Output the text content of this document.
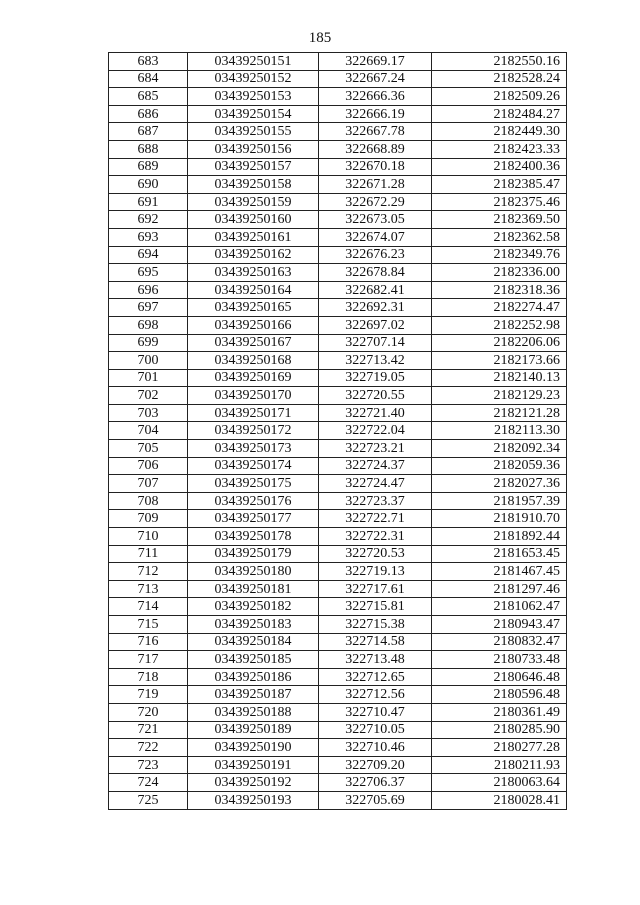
185
683	03439250151	322669.17	2182550.16
684	03439250152	322667.24	2182528.24
685	03439250153	322666.36	2182509.26
686	03439250154	322666.19	2182484.27
687	03439250155	322667.78	2182449.30
688	03439250156	322668.89	2182423.33
689	03439250157	322670.18	2182400.36
690	03439250158	322671.28	2182385.47
691	03439250159	322672.29	2182375.46
692	03439250160	322673.05	2182369.50
693	03439250161	322674.07	2182362.58
694	03439250162	322676.23	2182349.76
695	03439250163	322678.84	2182336.00
696	03439250164	322682.41	2182318.36
697	03439250165	322692.31	2182274.47
698	03439250166	322697.02	2182252.98
699	03439250167	322707.14	2182206.06
700	03439250168	322713.42	2182173.66
701	03439250169	322719.05	2182140.13
702	03439250170	322720.55	2182129.23
703	03439250171	322721.40	2182121.28
704	03439250172	322722.04	2182113.30
705	03439250173	322723.21	2182092.34
706	03439250174	322724.37	2182059.36
707	03439250175	322724.47	2182027.36
708	03439250176	322723.37	2181957.39
709	03439250177	322722.71	2181910.70
710	03439250178	322722.31	2181892.44
711	03439250179	322720.53	2181653.45
712	03439250180	322719.13	2181467.45
713	03439250181	322717.61	2181297.46
714	03439250182	322715.81	2181062.47
715	03439250183	322715.38	2180943.47
716	03439250184	322714.58	2180832.47
717	03439250185	322713.48	2180733.48
718	03439250186	322712.65	2180646.48
719	03439250187	322712.56	2180596.48
720	03439250188	322710.47	2180361.49
721	03439250189	322710.05	2180285.90
722	03439250190	322710.46	2180277.28
723	03439250191	322709.20	2180211.93
724	03439250192	322706.37	2180063.64
725	03439250193	322705.69	2180028.41
